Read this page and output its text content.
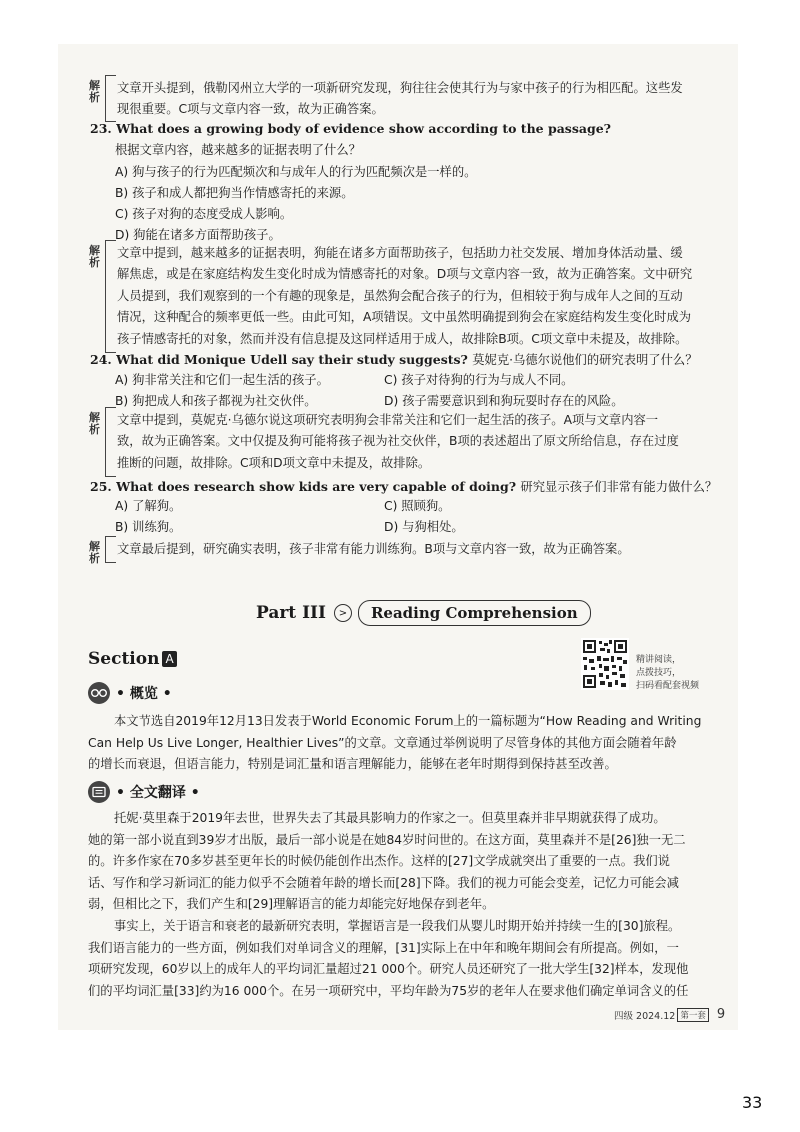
解
析
文章开头提到，俄勒冈州立大学的一项新研究发现，狗往往会使其行为与家中孩子的行为相匹配。这些发
现很重要。C项与文章内容一致，故为正确答案。
23. What does a growing body of evidence show according to the passage?
根据文章内容，越来越多的证据表明了什么？
A) 狗与孩子的行为匹配频次和与成年人的行为匹配频次是一样的。
B) 孩子和成人都把狗当作情感寄托的来源。
C) 孩子对狗的态度受成人影响。
D) 狗能在诸多方面帮助孩子。
解
析
文章中提到，越来越多的证据表明，狗能在诸多方面帮助孩子，包括助力社交发展、增加身体活动量、缓
解焦虑，或是在家庭结构发生变化时成为情感寄托的对象。D项与文章内容一致，故为正确答案。文中研究
人员提到，我们观察到的一个有趣的现象是，虽然狗会配合孩子的行为，但相较于狗与成年人之间的互动
情况，这种配合的频率更低一些。由此可知，A项错误。文中虽然明确提到狗会在家庭结构发生变化时成为
孩子情感寄托的对象，然而并没有信息提及这同样适用于成人，故排除B项。C项文章中未提及，故排除。
24. What did Monique Udell say their study suggests? 莫妮克·乌德尔说他们的研究表明了什么？
A) 狗非常关注和它们一起生活的孩子。	C) 孩子对待狗的行为与成人不同。
B) 狗把成人和孩子都视为社交伙伴。	D) 孩子需要意识到和狗玩耍时存在的风险。
解
析
文章中提到，莫妮克·乌德尔说这项研究表明狗会非常关注和它们一起生活的孩子。A项与文章内容一
致，故为正确答案。文中仅提及狗可能将孩子视为社交伙伴，B项的表述超出了原文所给信息，存在过度
推断的问题，故排除。C项和D项文章中未提及，故排除。
25. What does research show kids are very capable of doing? 研究显示孩子们非常有能力做什么？
A) 了解狗。	C) 照顾狗。
B) 训练狗。	D) 与狗相处。
解
析
文章最后提到，研究确实表明，孩子非常有能力训练狗。B项与文章内容一致，故为正确答案。
Part III	>	Reading Comprehension
Section A	精讲阅读，
点拨技巧，
扫码看配套视频
• 概览 •
本文节选自2019年12月13日发表于World Economic Forum上的一篇标题为“How Reading and Writing
Can Help Us Live Longer, Healthier Lives”的文章。文章通过举例说明了尽管身体的其他方面会随着年龄
的增长而衰退，但语言能力，特别是词汇量和语言理解能力，能够在老年时期得到保持甚至改善。
• 全文翻译 •
托妮·莫里森于2019年去世，世界失去了其最具影响力的作家之一。但莫里森并非早期就获得了成功。
她的第一部小说直到39岁才出版，最后一部小说是在她84岁时问世的。在这方面，莫里森并不是[26]独一无二
的。许多作家在70多岁甚至更年长的时候仍能创作出杰作。这样的[27]文学成就突出了重要的一点。我们说
话、写作和学习新词汇的能力似乎不会随着年龄的增长而[28]下降。我们的视力可能会变差，记忆力可能会减
弱，但相比之下，我们产生和[29]理解语言的能力却能完好地保存到老年。
事实上，关于语言和衰老的最新研究表明，掌握语言是一段我们从婴儿时期开始并持续一生的[30]旅程。
我们语言能力的一些方面，例如我们对单词含义的理解，[31]实际上在中年和晚年期间会有所提高。例如，一
项研究发现，60岁以上的成年人的平均词汇量超过21 000个。研究人员还研究了一批大学生[32]样本，发现他
们的平均词汇量[33]约为16 000个。在另一项研究中，平均年龄为75岁的老年人在要求他们确定单词含义的任
四级 2024.12 第一套 9
33
